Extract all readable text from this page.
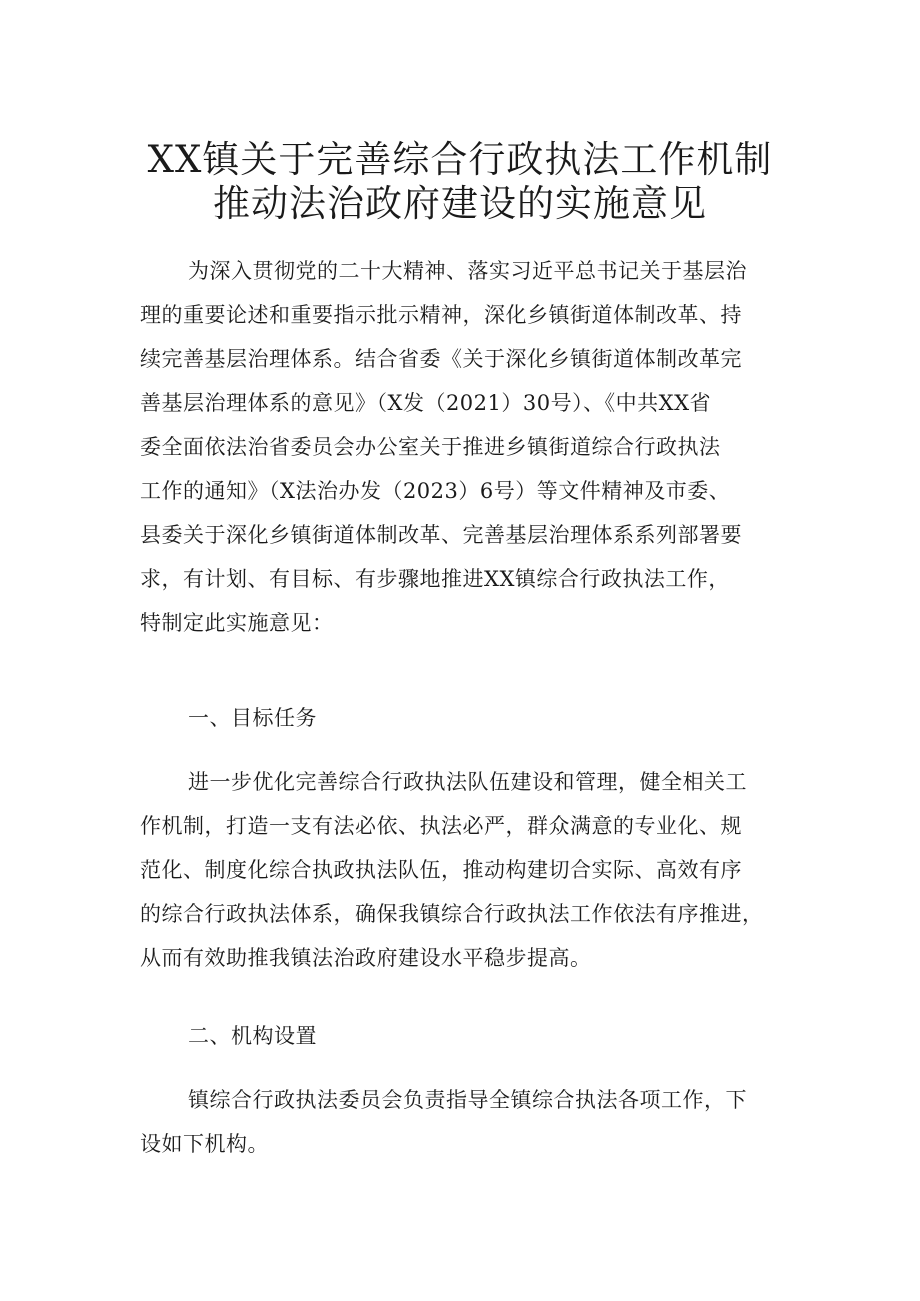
XX镇关于完善综合行政执法工作机制
推动法治政府建设的实施意见
为深入贯彻党的二十大精神、落实习近平总书记关于基层治
理的重要论述和重要指示批示精神，深化乡镇街道体制改革、持
续完善基层治理体系。结合省委《关于深化乡镇街道体制改革完
善基层治理体系的意见》（X发（2021）30号）、《中共XX省
委全面依法治省委员会办公室关于推进乡镇街道综合行政执法
工作的通知》（X法治办发（2023）6号）等文件精神及市委、
县委关于深化乡镇街道体制改革、完善基层治理体系系列部署要
求，有计划、有目标、有步骤地推进XX镇综合行政执法工作，
特制定此实施意见：
一、目标任务
进一步优化完善综合行政执法队伍建设和管理，健全相关工
作机制，打造一支有法必依、执法必严，群众满意的专业化、规
范化、制度化综合执政执法队伍，推动构建切合实际、高效有序
的综合行政执法体系，确保我镇综合行政执法工作依法有序推进，
从而有效助推我镇法治政府建设水平稳步提高。
二、机构设置
镇综合行政执法委员会负责指导全镇综合执法各项工作，下
设如下机构。
